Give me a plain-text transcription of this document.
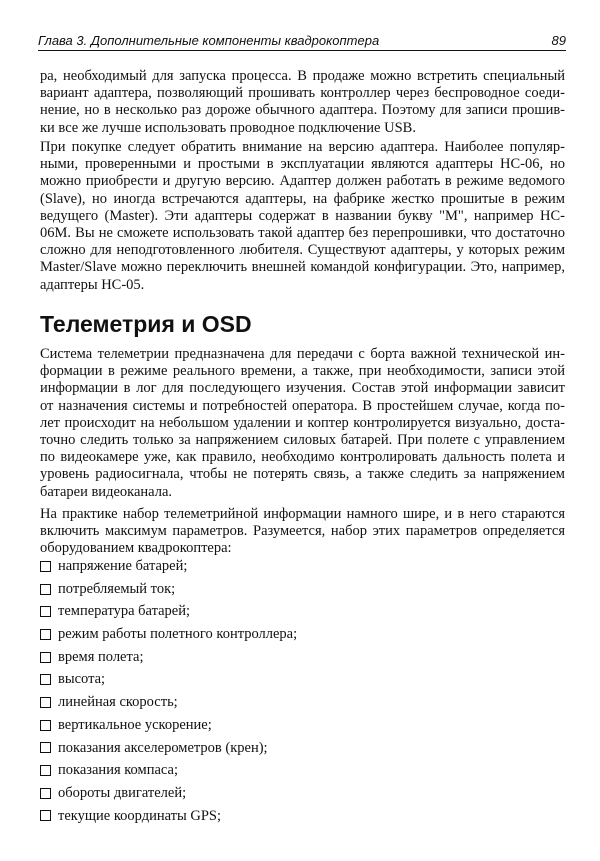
Глава 3. Дополнительные компоненты квадрокоптера	89
ра, необходимый для запуска процесса. В продаже можно встретить специальный
вариант адаптера, позволяющий прошивать контроллер через беспроводное соеди-
нение, но в несколько раз дороже обычного адаптера. Поэтому для записи прошив-
ки все же лучше использовать проводное подключение USB.
При покупке следует обратить внимание на версию адаптера. Наиболее популяр-
ными, проверенными и простыми в эксплуатации являются адаптеры НС-06, но
можно приобрести и другую версию. Адаптер должен работать в режиме ведомого
(Slave), но иногда встречаются адаптеры, на фабрике жестко прошитые в режим
ведущего (Master). Эти адаптеры содержат в названии букву "М", например НС-
06М. Вы не сможете использовать такой адаптер без перепрошивки, что достаточно
сложно для неподготовленного любителя. Существуют адаптеры, у которых режим
Master/Slave можно переключить внешней командой конфигурации. Это, например,
адаптеры НС-05.
Телеметрия и OSD
Система телеметрии предназначена для передачи с борта важной технической ин-
формации в режиме реального времени, а также, при необходимости, записи этой
информации в лог для последующего изучения. Состав этой информации зависит
от назначения системы и потребностей оператора. В простейшем случае, когда по-
лет происходит на небольшом удалении и коптер контролируется визуально, доста-
точно следить только за напряжением силовых батарей. При полете с управлением
по видеокамере уже, как правило, необходимо контролировать дальность полета и
уровень радиосигнала, чтобы не потерять связь, а также следить за напряжением
батареи видеоканала.
На практике набор телеметрийной информации намного шире, и в него стараются
включить максимум параметров. Разумеется, набор этих параметров определяется
оборудованием квадрокоптера:
напряжение батарей;
потребляемый ток;
температура батарей;
режим работы полетного контроллера;
время полета;
высота;
линейная скорость;
вертикальное ускорение;
показания акселерометров (крен);
показания компаса;
обороты двигателей;
текущие координаты GPS;
